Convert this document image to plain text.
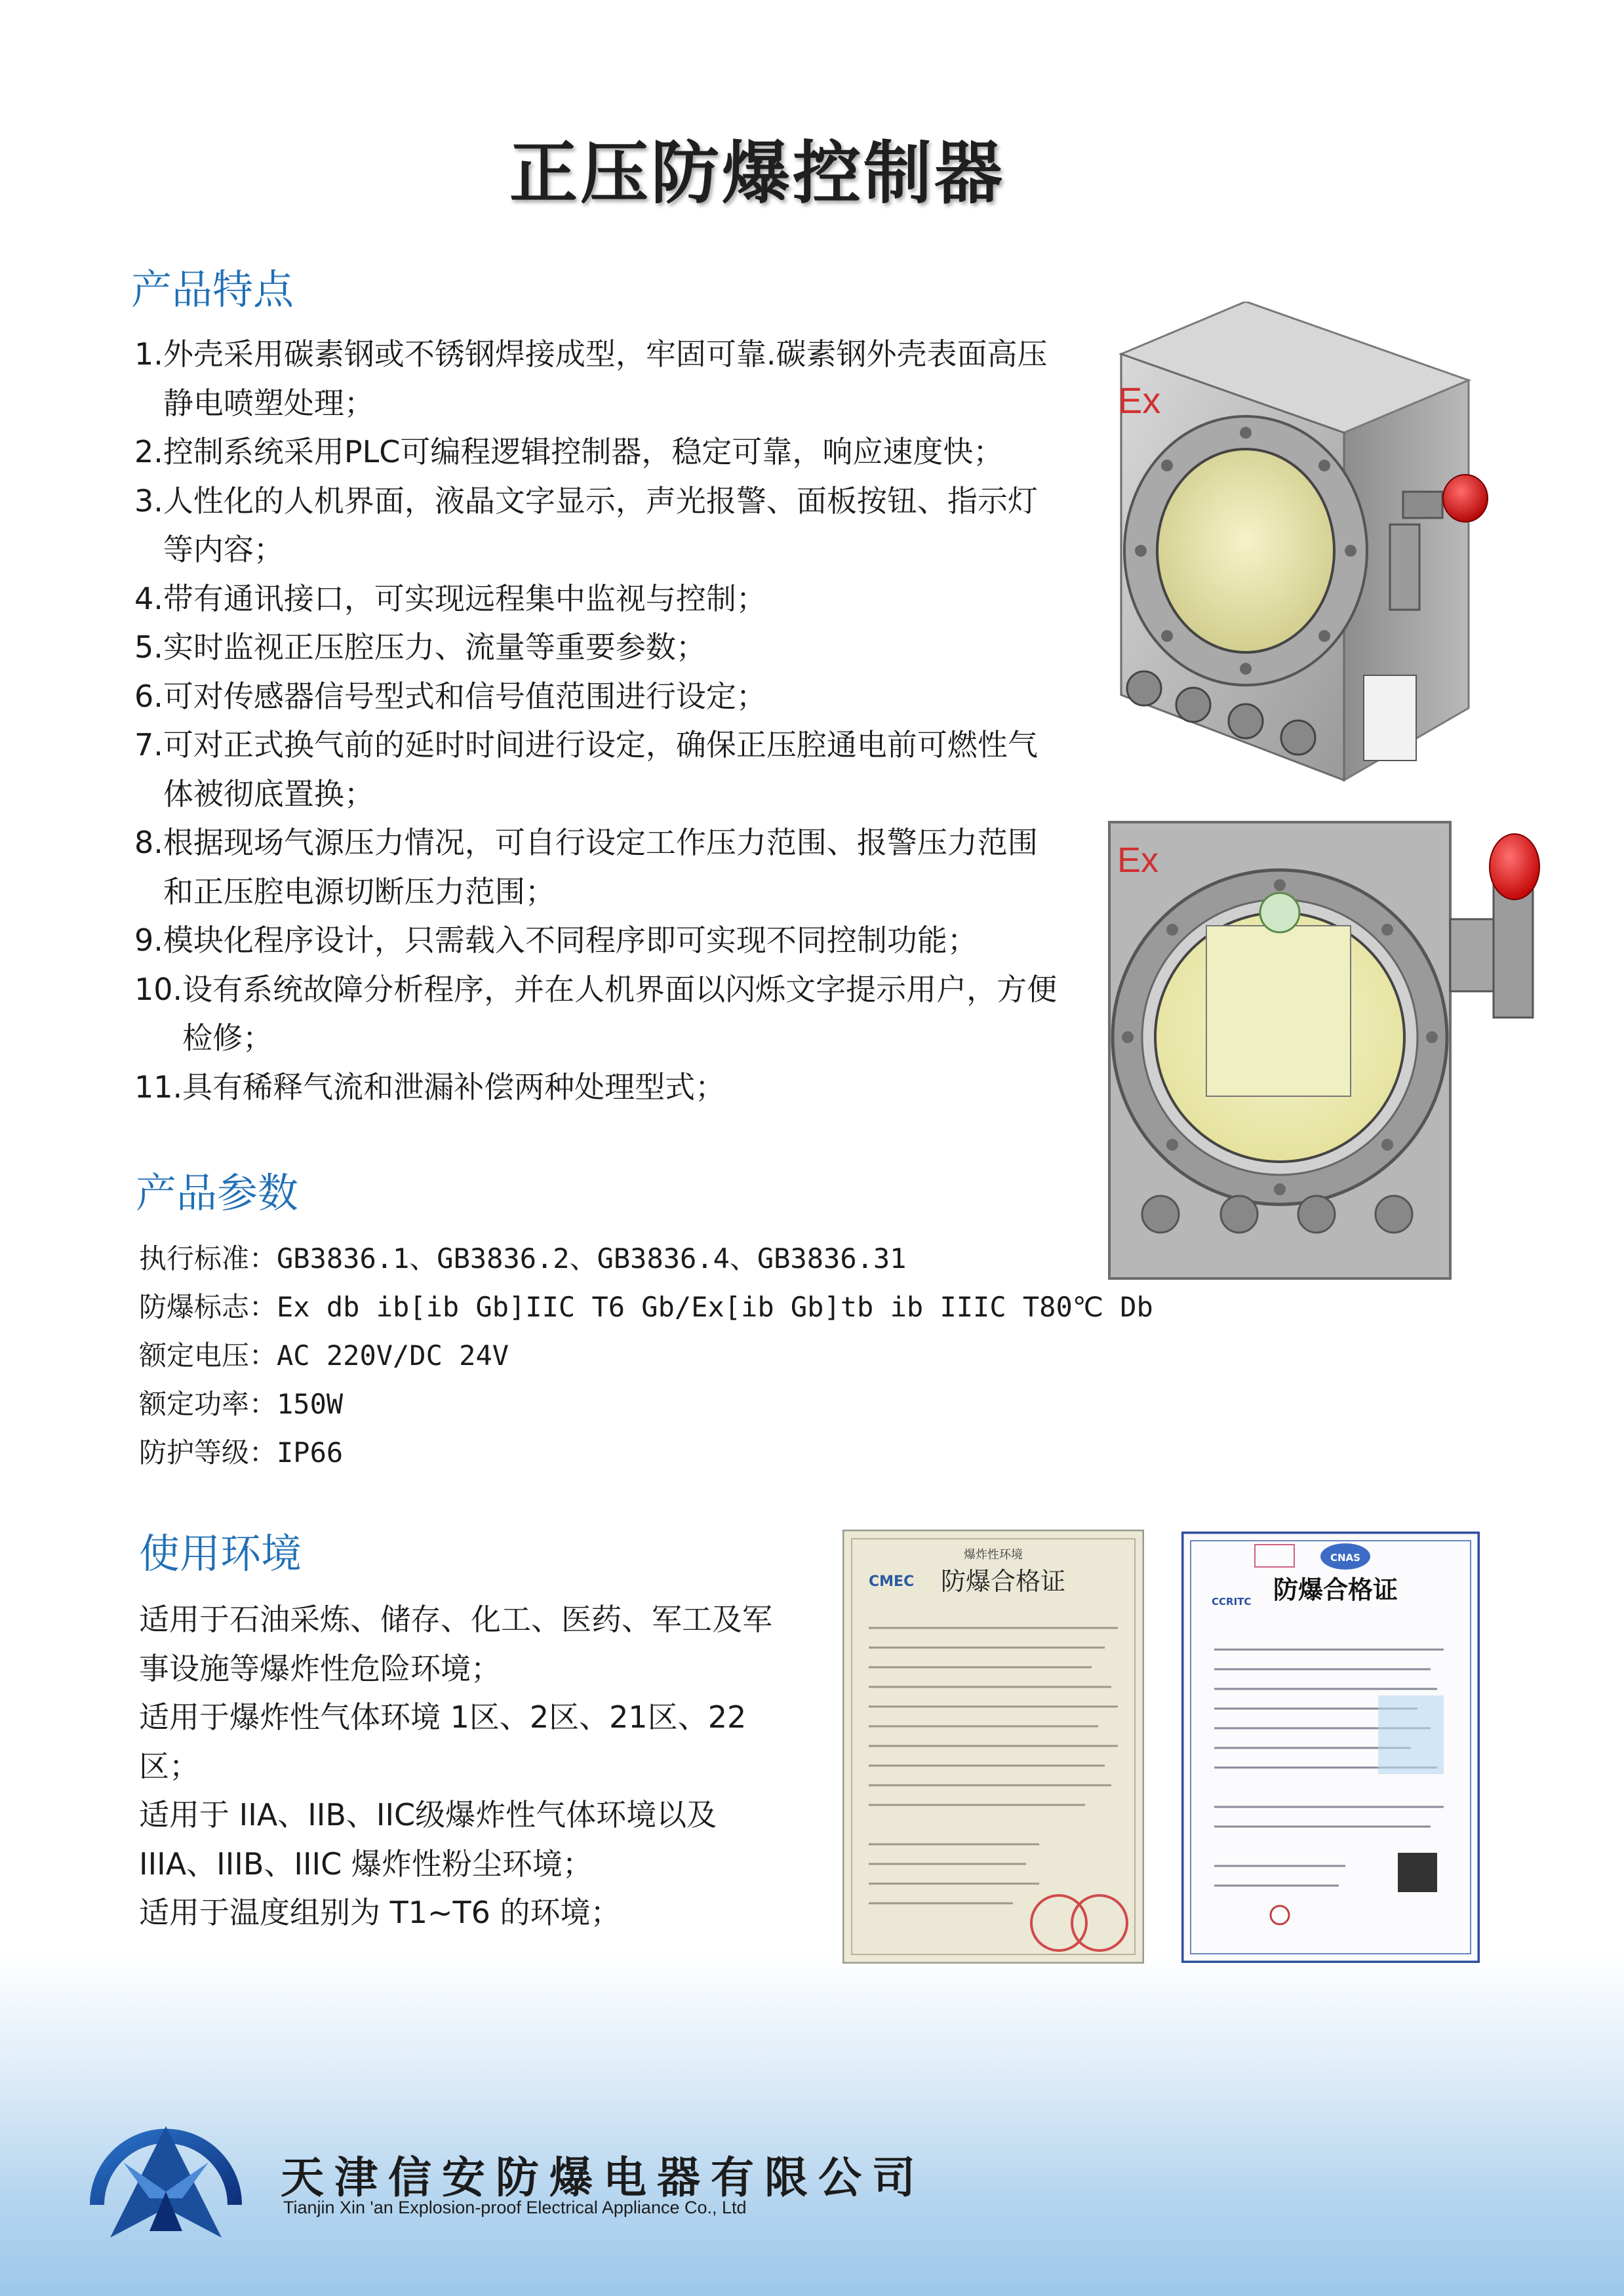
正压防爆控制器
产品特点
1. 外壳采用碳素钢或不锈钢焊接成型，牢固可靠.碳素钢外壳表面高压静电喷塑处理；
2. 控制系统采用PLC可编程逻辑控制器，稳定可靠，响应速度快；
3. 人性化的人机界面，液晶文字显示，声光报警、面板按钮、指示灯等内容；
4. 带有通讯接口，可实现远程集中监视与控制；
5. 实时监视正压腔压力、流量等重要参数；
6. 可对传感器信号型式和信号值范围进行设定；
7. 可对正式换气前的延时时间进行设定，确保正压腔通电前可燃性气体被彻底置换；
8. 根据现场气源压力情况，可自行设定工作压力范围、报警压力范围和正压腔电源切断压力范围；
9. 模块化程序设计，只需载入不同程序即可实现不同控制功能；
10. 设有系统故障分析程序，并在人机界面以闪烁文字提示用户，方便检修；
11. 具有稀释气流和泄漏补偿两种处理型式；
产品参数
执行标准：GB3836.1、GB3836.2、GB3836.4、GB3836.31
防爆标志：Ex db ib[ib Gb]IIC T6 Gb/Ex[ib Gb]tb ib IIIC T80℃ Db
额定电压：AC 220V/DC 24V
额定功率：150W
防护等级：IP66
使用环境
适用于石油采炼、储存、化工、医药、军工及军事设施等爆炸性危险环境；
适用于爆炸性气体环境 1区、2区、21区、22区；
适用于 IIA、IIB、IIC级爆炸性气体环境以及 IIIA、IIIB、IIIC 爆炸性粉尘环境；
适用于温度组别为 T1~T6 的环境；
Ex
Ex
爆炸性环境
CMEC 防爆合格证
CNAS
CCRITC 防爆合格证
天津信安防爆电器有限公司
Tianjin Xin 'an Explosion-proof Electrical Appliance Co., Ltd
